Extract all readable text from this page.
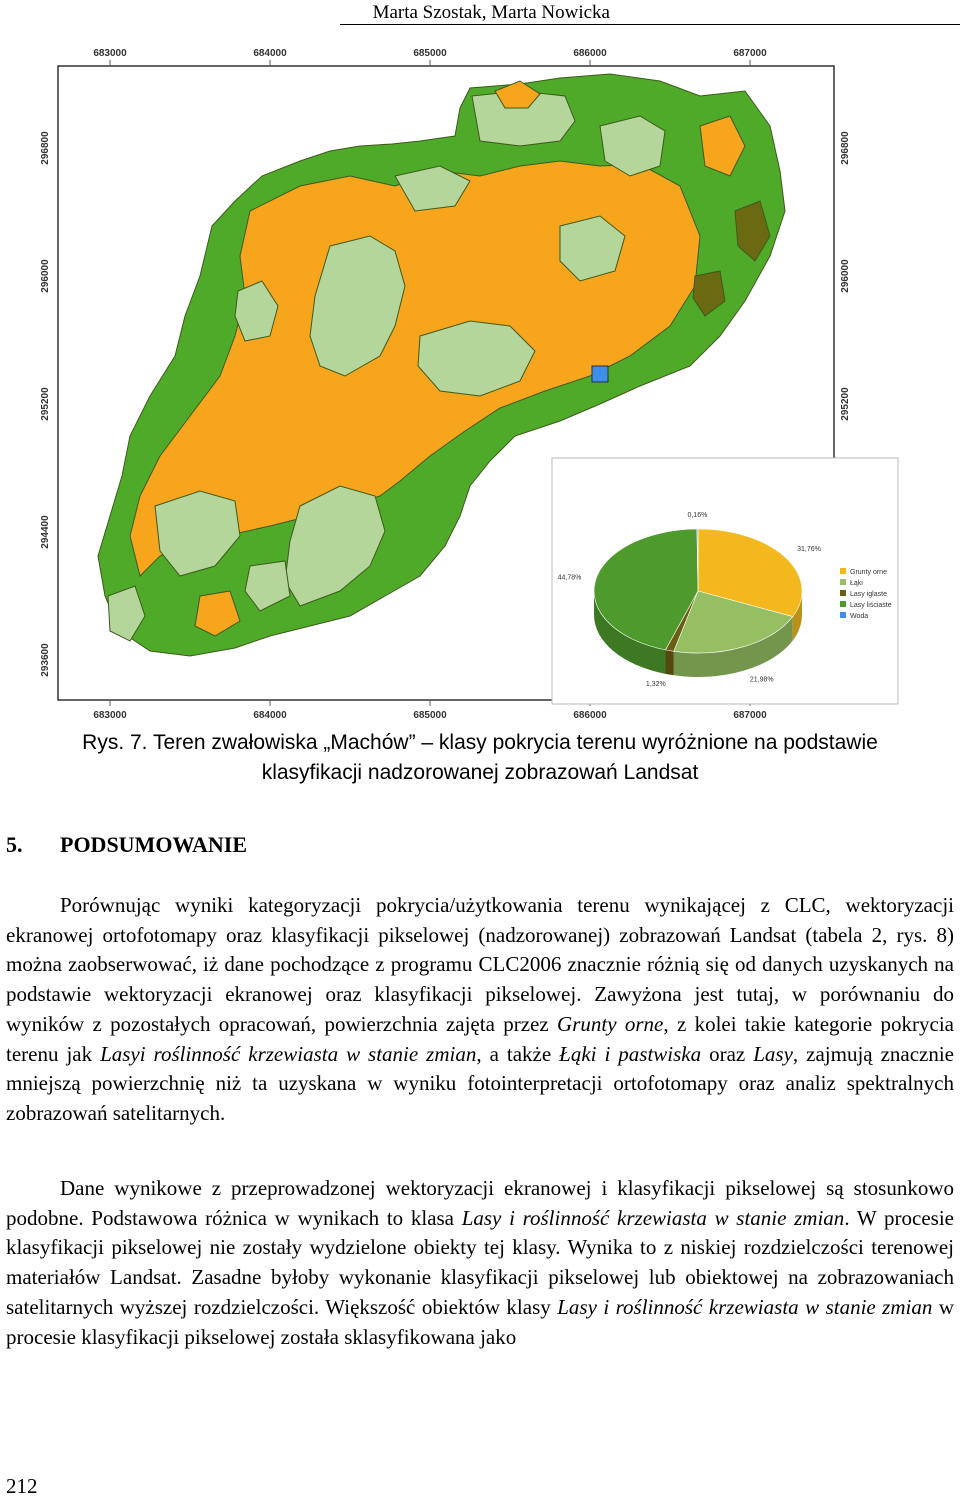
Marta Szostak, Marta Nowicka
683000	684000	685000	686000	687000
683000	684000	685000	686000	687000
296800
296000
295200
294400
293600
296800
296000
295200
31,76%
21,98%
1,32%
44,78%
0,16%
Grunty orne
Łąki
Lasy iglaste
Lasy liściaste
Woda
Rys. 7. Teren zwałowiska „Machów” – klasy pokrycia terenu wyróżnione na podstawie
klasyfikacji nadzorowanej zobrazowań Landsat
5. PODSUMOWANIE

Porównując wyniki kategoryzacji pokrycia/użytkowania terenu wynikającej z CLC, wektoryzacji ekranowej ortofotomapy oraz klasyfikacji pikselowej (nadzorowanej) zobrazowań Landsat (tabela 2, rys. 8) można zaobserwować, iż dane pochodzące z programu CLC2006 znacznie różnią się od danych uzyskanych na podstawie wektoryzacji ekranowej oraz klasyfikacji pikselowej. Zawyżona jest tutaj, w porównaniu do wyników z pozostałych opracowań, powierzchnia zajęta przez Grunty orne, z kolei takie kategorie pokrycia terenu jak Lasyi roślinność krzewiasta w stanie zmian, a także Łąki i pastwiska oraz Lasy, zajmują znacznie mniejszą powierzchnię niż ta uzyskana w wyniku fotointerpretacji ortofotomapy oraz analiz spektralnych zobrazowań satelitarnych.

Dane wynikowe z przeprowadzonej wektoryzacji ekranowej i klasyfikacji pikselowej są stosunkowo podobne. Podstawowa różnica w wynikach to klasa Lasy i roślinność krzewiasta w stanie zmian. W procesie klasyfikacji pikselowej nie zostały wydzielone obiekty tej klasy. Wynika to z niskiej rozdzielczości terenowej materiałów Landsat. Zasadne byłoby wykonanie klasyfikacji pikselowej lub obiektowej na zobrazowaniach satelitarnych wyższej rozdzielczości. Większość obiektów klasy Lasy i roślinność krzewiasta w stanie zmian w procesie klasyfikacji pikselowej została sklasyfikowana jako

212
